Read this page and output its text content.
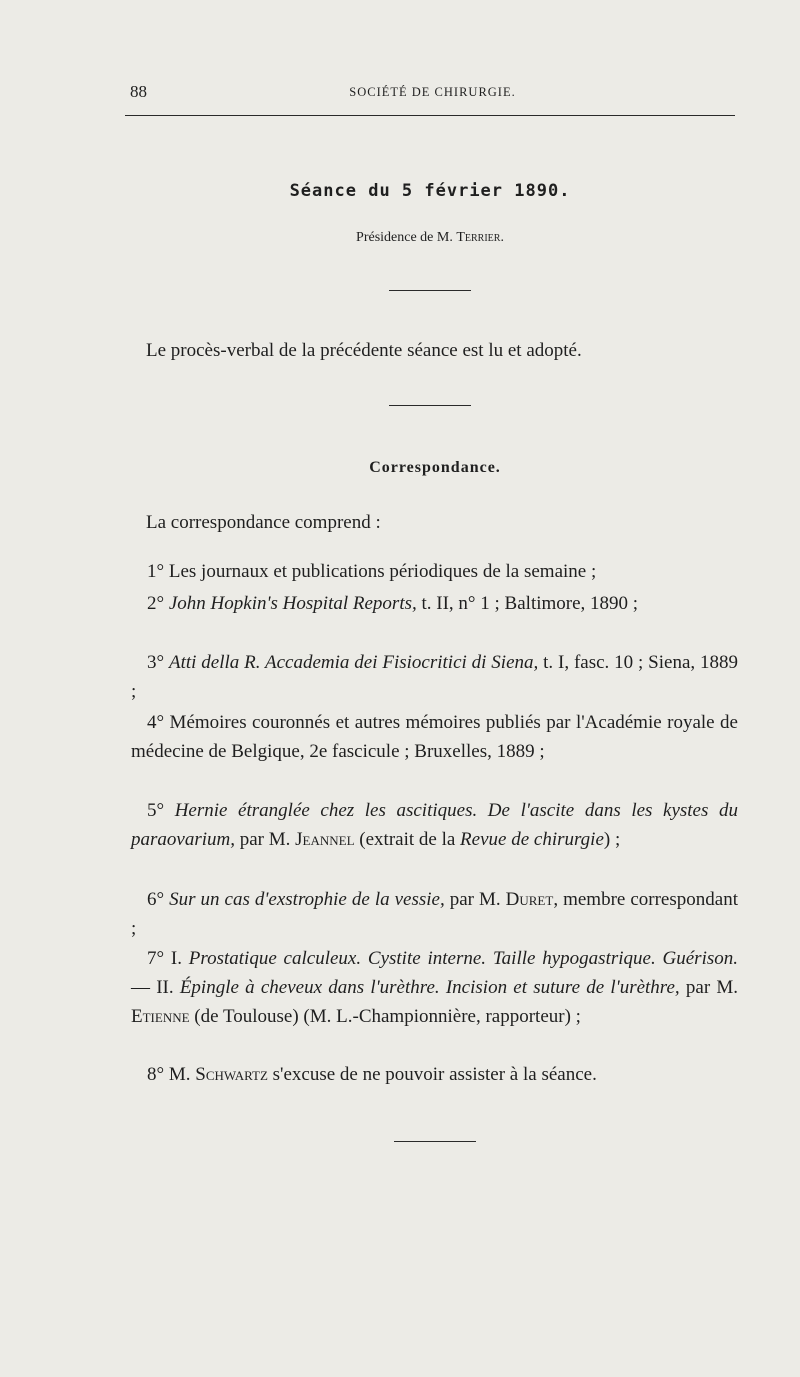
88	SOCIÉTÉ DE CHIRURGIE.
Séance du 5 février 1890.
Présidence de M. Terrier.
Le procès-verbal de la précédente séance est lu et adopté.
Correspondance.
La correspondance comprend :
1° Les journaux et publications périodiques de la semaine ;
2° John Hopkin's Hospital Reports, t. II, n° 1 ; Baltimore, 1890 ;
3° Atti della R. Accademia dei Fisiocritici di Siena, t. I, fasc. 10 ; Siena, 1889 ;
4° Mémoires couronnés et autres mémoires publiés par l'Académie royale de médecine de Belgique, 2e fascicule ; Bruxelles, 1889 ;
5° Hernie étranglée chez les ascitiques. De l'ascite dans les kystes du paraovarium, par M. Jeannel (extrait de la Revue de chirurgie) ;
6° Sur un cas d'exstrophie de la vessie, par M. Duret, membre correspondant ;
7° I. Prostatique calculeux. Cystite interne. Taille hypogastrique. Guérison. — II. Épingle à cheveux dans l'urèthre. Incision et suture de l'urèthre, par M. Etienne (de Toulouse) (M. L.-Championnière, rapporteur) ;
8° M. Schwartz s'excuse de ne pouvoir assister à la séance.
